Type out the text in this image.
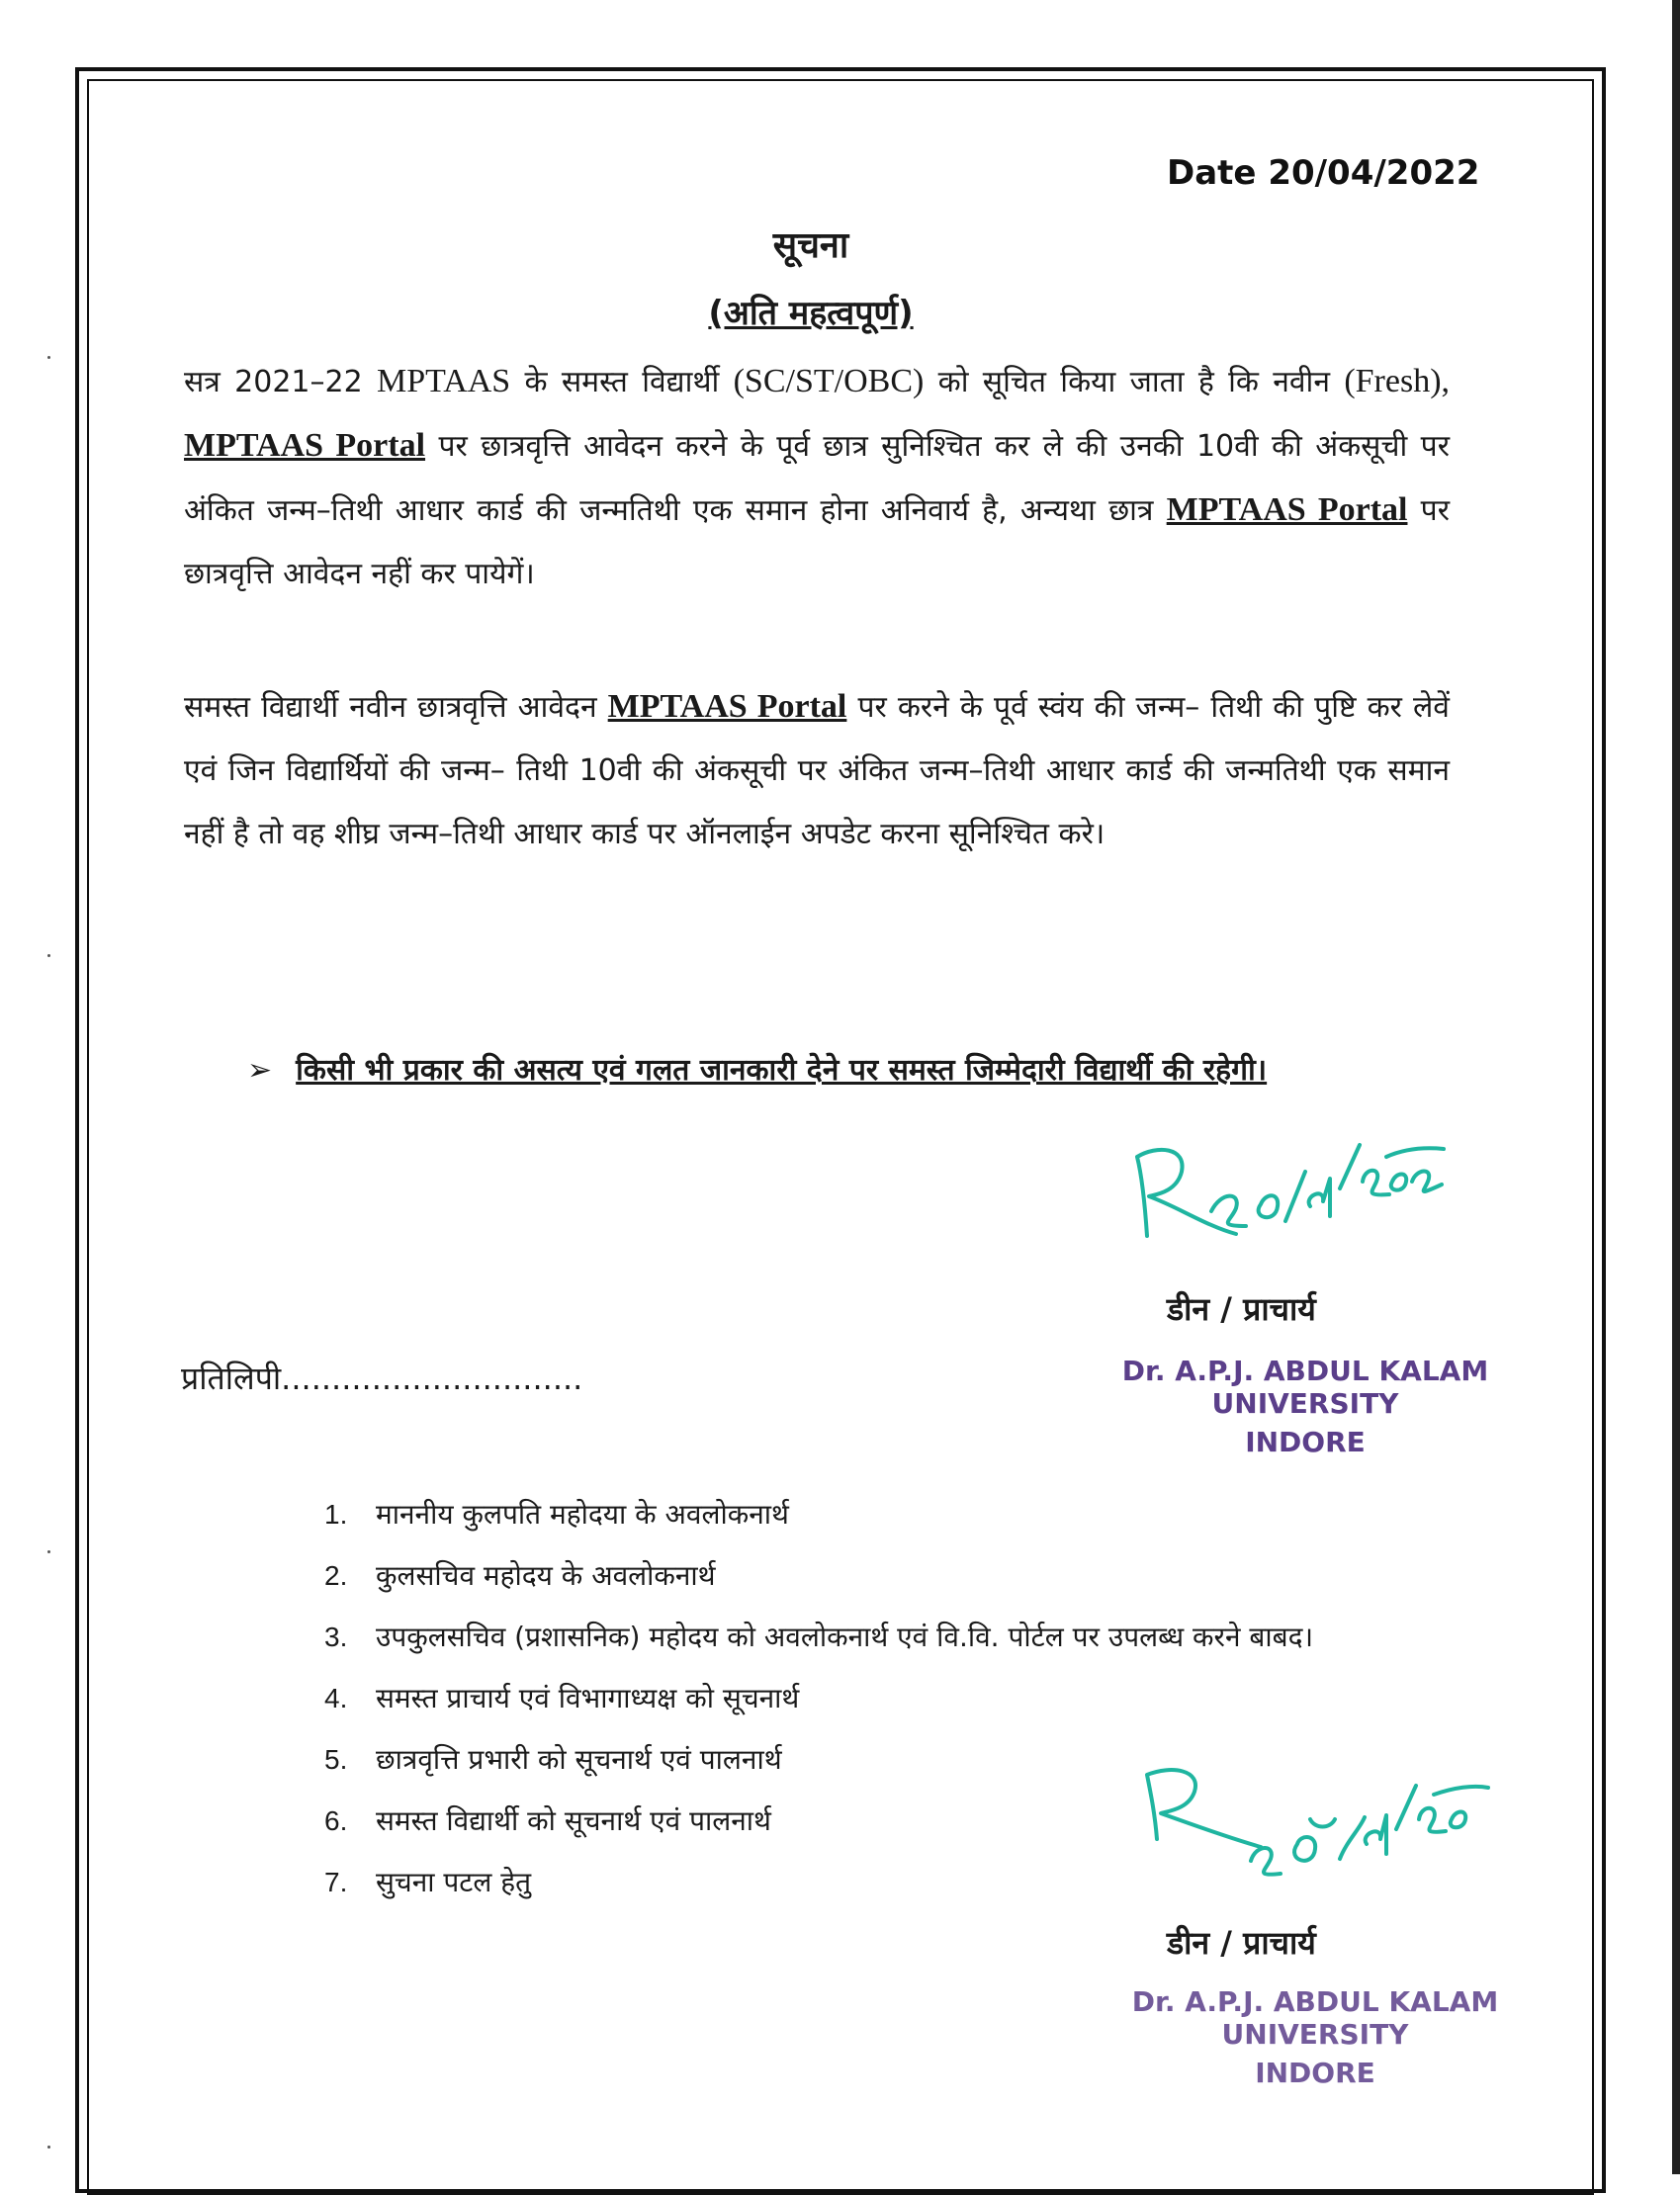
Date 20/04/2022
सूचना
(अति महत्वपूर्ण)
सत्र 2021–22 MPTAAS के समस्त विद्यार्थी (SC/ST/OBC) को सूचित किया जाता है कि नवीन (Fresh), MPTAAS Portal पर छात्रवृत्ति आवेदन करने के पूर्व छात्र सुनिश्चित कर ले की उनकी 10वी की अंकसूची पर अंकित जन्म–तिथी आधार कार्ड की जन्मतिथी एक समान होना अनिवार्य है, अन्यथा छात्र MPTAAS Portal पर छात्रवृत्ति आवेदन नहीं कर पायेगें।
समस्त विद्यार्थी नवीन छात्रवृत्ति आवेदन MPTAAS Portal पर करने के पूर्व स्वंय की जन्म– तिथी की पुष्टि कर लेवें एवं जिन विद्यार्थियों की जन्म– तिथी 10वी की अंकसूची पर अंकित जन्म–तिथी आधार कार्ड की जन्मतिथी एक समान नहीं है तो वह शीघ्र जन्म–तिथी आधार कार्ड पर ऑनलाईन अपडेट करना सूनिश्चित करे।
➢ किसी भी प्रकार की असत्य एवं गलत जानकारी देने पर समस्त जिम्मेदारी विद्यार्थी की रहेगी।
डीन / प्राचार्य
Dr. A.P.J. ABDUL KALAM UNIVERSITY
INDORE
प्रतिलिपी..............................
1. माननीय कुलपति महोदया के अवलोकनार्थ
2. कुलसचिव महोदय के अवलोकनार्थ
3. उपकुलसचिव (प्रशासनिक) महोदय को अवलोकनार्थ एवं वि.वि. पोर्टल पर उपलब्ध करने बाबद।
4. समस्त प्राचार्य एवं विभागाध्यक्ष को सूचनार्थ
5. छात्रवृत्ति प्रभारी को सूचनार्थ एवं पालनार्थ
6. समस्त विद्यार्थी को सूचनार्थ एवं पालनार्थ
7. सुचना पटल हेतु
डीन / प्राचार्य
Dr. A.P.J. ABDUL KALAM UNIVERSITY
INDORE
